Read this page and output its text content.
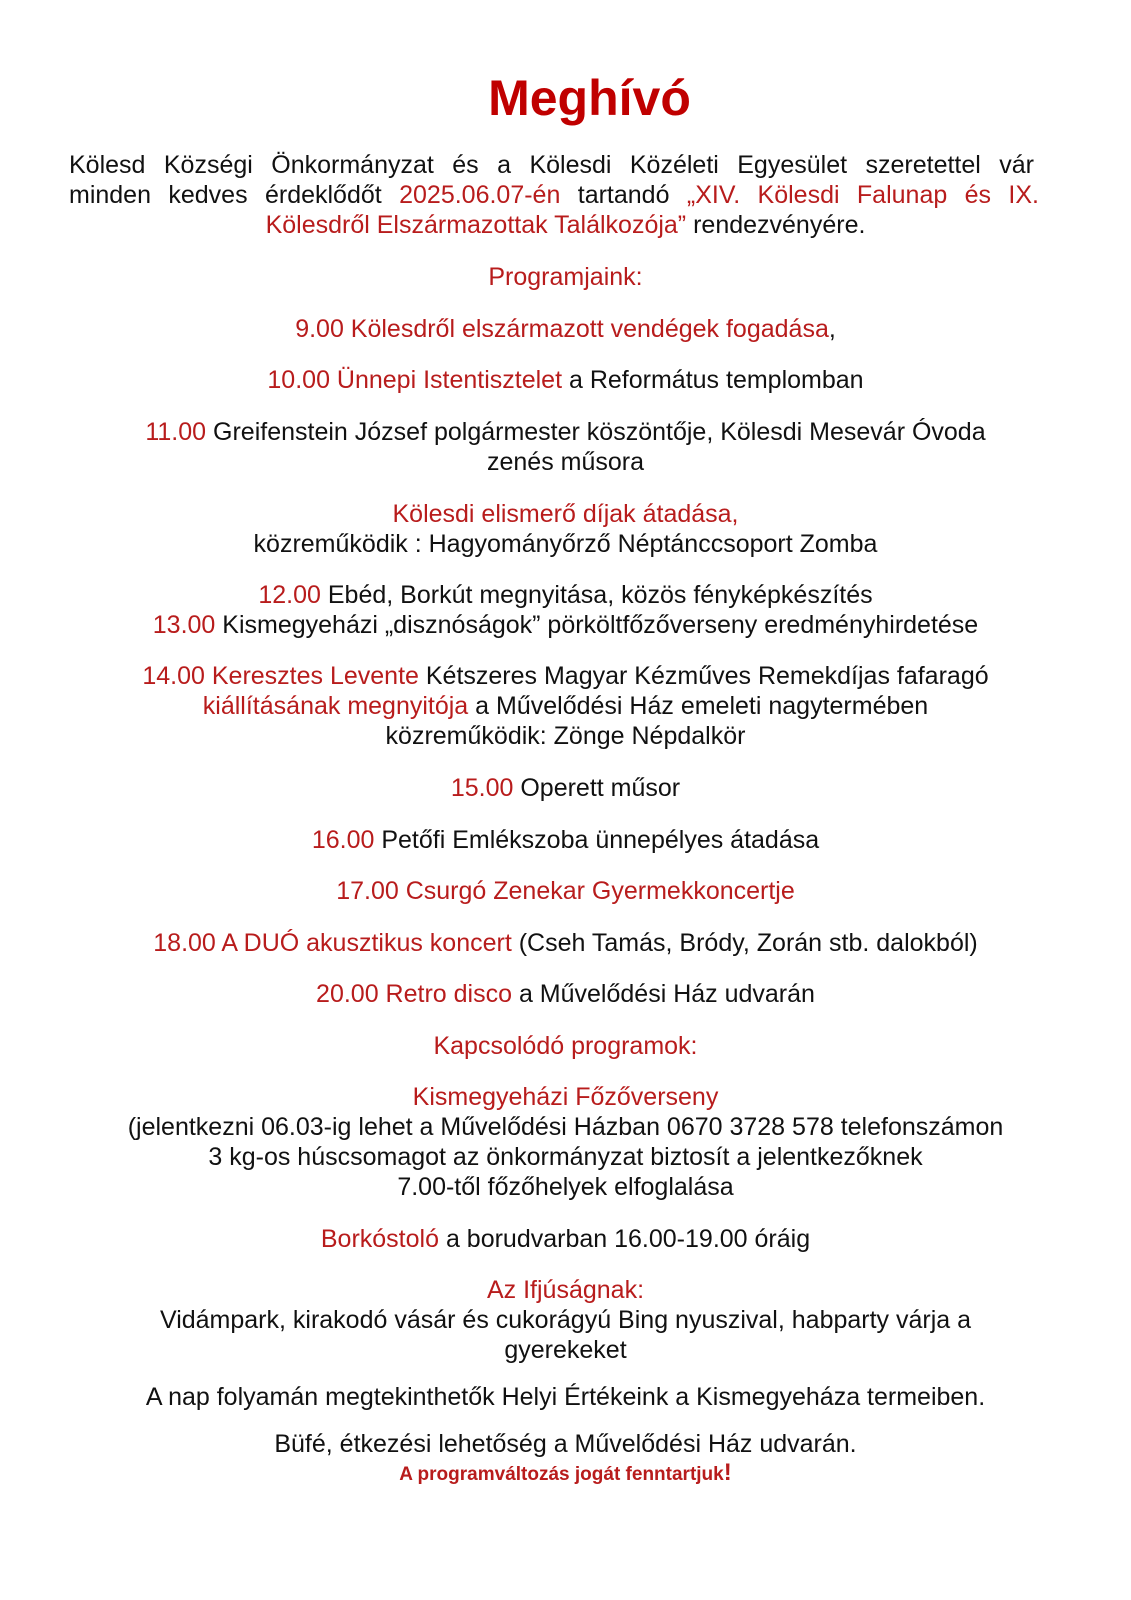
Meghívó
Kölesd Községi Önkormányzat és a Kölesdi Közéleti Egyesület szeretettel vár
minden kedves érdeklődőt 2025.06.07-én tartandó „XIV. Kölesdi Falunap és IX.
Kölesdről Elszármazottak Találkozója” rendezvényére.
Programjaink:
9.00 Kölesdről elszármazott vendégek fogadása,
10.00 Ünnepi Istentisztelet a Református templomban
11.00 Greifenstein József polgármester köszöntője, Kölesdi Mesevár Óvoda
zenés műsora
Kölesdi elismerő díjak átadása,
közreműködik : Hagyományőrző Néptánccsoport Zomba
12.00 Ebéd, Borkút megnyitása, közös fényképkészítés
13.00 Kismegyeházi „disznóságok” pörköltfőzőverseny eredményhirdetése
14.00 Keresztes Levente Kétszeres Magyar Kézműves Remekdíjas fafaragó
kiállításának megnyitója a Művelődési Ház emeleti nagytermében
közreműködik: Zönge Népdalkör
15.00 Operett műsor
16.00 Petőfi Emlékszoba ünnepélyes átadása
17.00 Csurgó Zenekar Gyermekkoncertje
18.00 A DUÓ akusztikus koncert (Cseh Tamás, Bródy, Zorán stb. dalokból)
20.00 Retro disco a Művelődési Ház udvarán
Kapcsolódó programok:
Kismegyeházi Főzőverseny
(jelentkezni 06.03-ig lehet a Művelődési Házban 0670 3728 578 telefonszámon
3 kg-os húscsomagot az önkormányzat biztosít a jelentkezőknek
7.00-től főzőhelyek elfoglalása
Borkóstoló a borudvarban 16.00-19.00 óráig
Az Ifjúságnak:
Vidámpark, kirakodó vásár és cukorágyú Bing nyuszival, habparty várja a
gyerekeket
A nap folyamán megtekinthetők Helyi Értékeink a Kismegyeháza termeiben.
Büfé, étkezési lehetőség a Művelődési Ház udvarán.
A programváltozás jogát fenntartjuk!
